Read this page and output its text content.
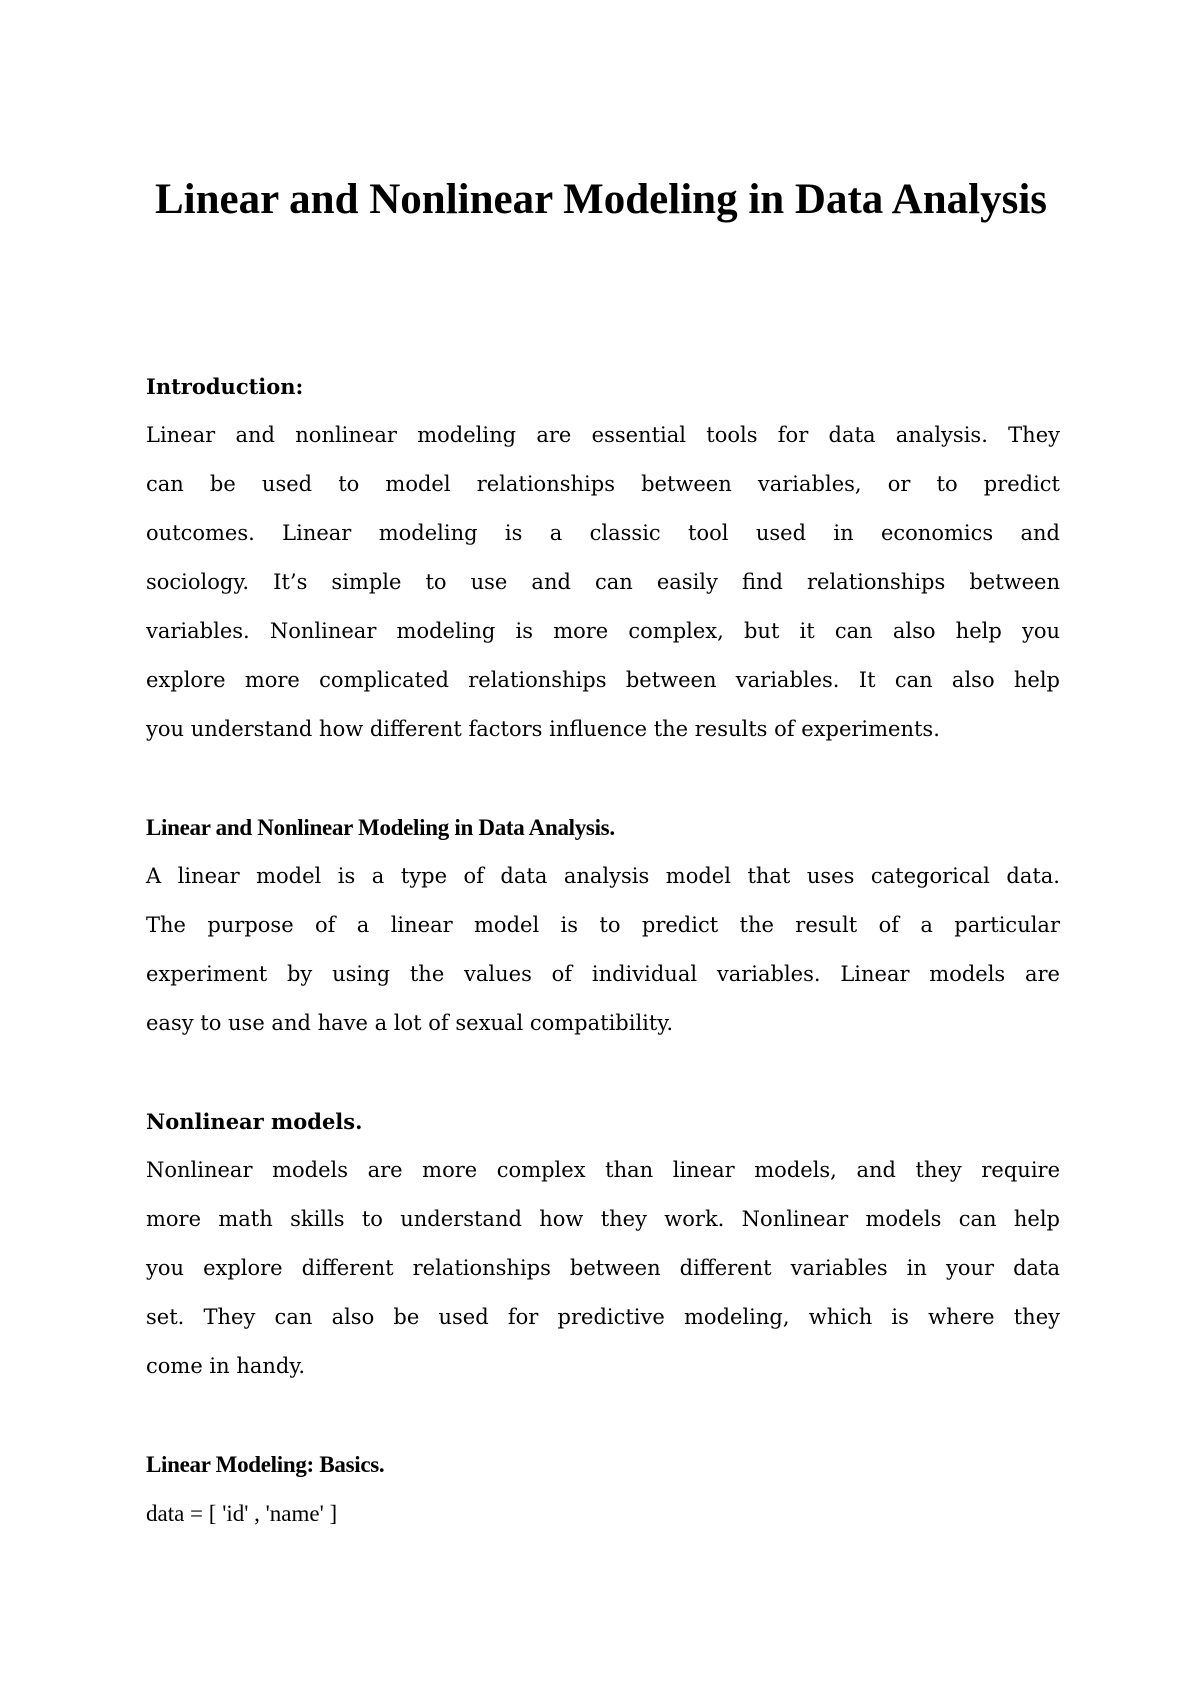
Linear and Nonlinear Modeling in Data Analysis
Introduction:
Linear and nonlinear modeling are essential tools for data analysis. They
can be used to model relationships between variables, or to predict
outcomes. Linear modeling is a classic tool used in economics and
sociology. It’s simple to use and can easily find relationships between
variables. Nonlinear modeling is more complex, but it can also help you
explore more complicated relationships between variables. It can also help
you understand how different factors influence the results of experiments.
Linear and Nonlinear Modeling in Data Analysis.
A linear model is a type of data analysis model that uses categorical data.
The purpose of a linear model is to predict the result of a particular
experiment by using the values of individual variables. Linear models are
easy to use and have a lot of sexual compatibility.
Nonlinear models.
Nonlinear models are more complex than linear models, and they require
more math skills to understand how they work. Nonlinear models can help
you explore different relationships between different variables in your data
set. They can also be used for predictive modeling, which is where they
come in handy.
Linear Modeling: Basics.
data = [ 'id' , 'name' ]
